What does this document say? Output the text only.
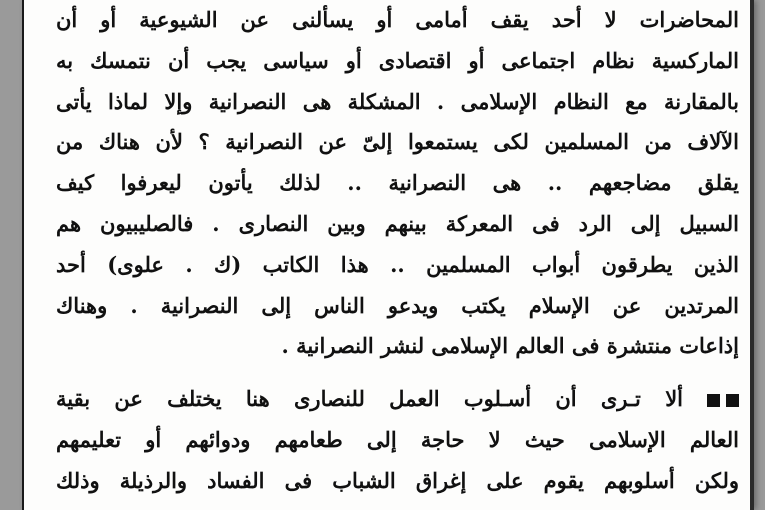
المحاضرات لا أحد يقف أمامى أو يسألنى عن الشيوعية أو أن
الماركسية نظام اجتماعى أو اقتصادى أو سياسى يجب أن نتمسك به
بالمقارنة مع النظام الإسلامى . المشكلة هى النصرانية وإلا لماذا يأتى
الآلاف من المسلمين لكى يستمعوا إلىّ عن النصرانية ؟ لأن هناك من
يقلق مضاجعهم .. هى النصرانية .. لذلك يأتون ليعرفوا كيف
السبيل إلى الرد فى المعركة بينهم وبين النصارى . فالصليبيون هم
الذين يطرقون أبواب المسلمين .. هذا الكاتب (ك . علوى) أحد
المرتدين عن الإسلام يكتب ويدعو الناس إلى النصرانية . وهناك
إذاعات منتشرة فى العالم الإسلامى لنشر النصرانية .
ألا تـرى أن أسـلوب العمل للنصارى هنا يختلف عن بقية
العالم الإسلامى حيث لا حاجة إلى طعامهم ودوائهم أو تعليمهم
ولكن أسلوبهم يقوم على إغراق الشباب فى الفساد والرذيلة وذلك
